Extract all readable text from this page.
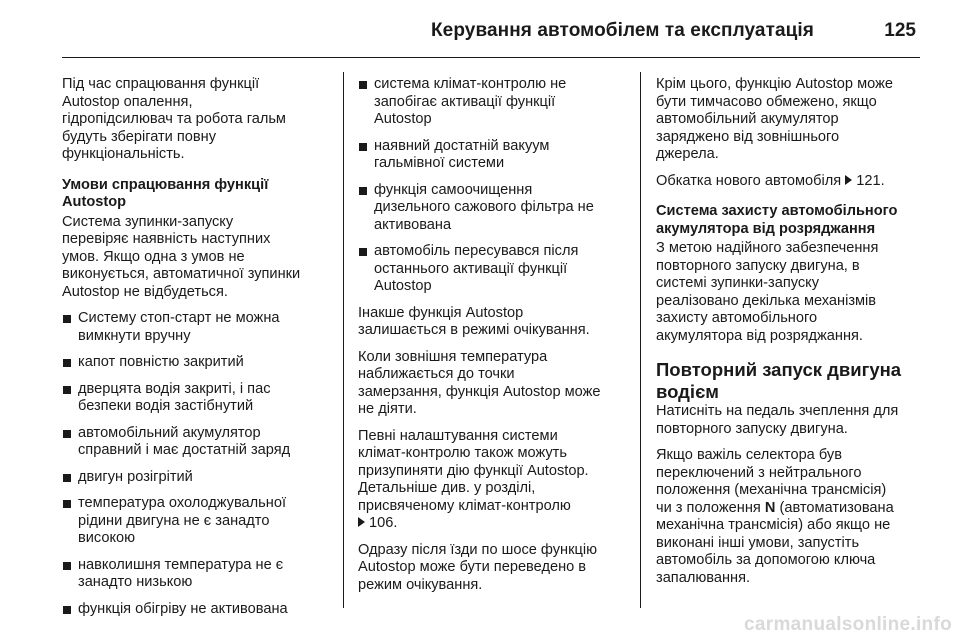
Керування автомобілем та експлуатація	125

Під час спрацювання функції
Autostop опалення,
гідропідсилювач та робота гальм
будуть зберігати повну
функціональність.

Умови спрацювання функції
Autostop

Система зупинки-запуску
перевіряє наявність наступних
умов. Якщо одна з умов не
виконується, автоматичної зупинки
Autostop не відбудеться.

Систему стоп-старт не можна
вимкнути вручну
капот повністю закритий
дверцята водія закриті, і пас
безпеки водія застібнутий
автомобільний акумулятор
справний і має достатній заряд
двигун розігрітий
температура охолоджувальної
рідини двигуна не є занадто
високою
навколишня температура не є
занадто низькою
функція обігріву не активована
система клімат-контролю не
запобігає активації функції
Autostop
наявний достатній вакуум
гальмівної системи
функція самоочищення
дизельного сажового фільтра не
активована
автомобіль пересувався після
останнього активації функції
Autostop

Інакше функція Autostop
залишається в режимі очікування.

Коли зовнішня температура
наближається до точки
замерзання, функція Autostop може
не діяти.

Певні налаштування системи
клімат-контролю також можуть
призупиняти дію функції Autostop.
Детальніше див. у розділі,
присвяченому клімат-контролю
106.

Одразу після їзди по шосе функцію
Autostop може бути переведено в
режим очікування.

Крім цього, функцію Autostop може
бути тимчасово обмежено, якщо
автомобільний акумулятор
заряджено від зовнішнього
джерела.

Обкатка нового автомобіля 121.

Система захисту автомобільного
акумулятора від розряджання

З метою надійного забезпечення
повторного запуску двигуна, в
системі зупинки-запуску
реалізовано декілька механізмів
захисту автомобільного
акумулятора від розряджання.

Повторний запуск двигуна
водієм

Натисніть на педаль зчеплення для
повторного запуску двигуна.

Якщо важіль селектора був
переключений з нейтрального
положення (механічна трансмісія)
чи з положення N (автоматизована
механічна трансмісія) або якщо не
виконані інші умови, запустіть
автомобіль за допомогою ключа
запалювання.

carmanualsonline.info
